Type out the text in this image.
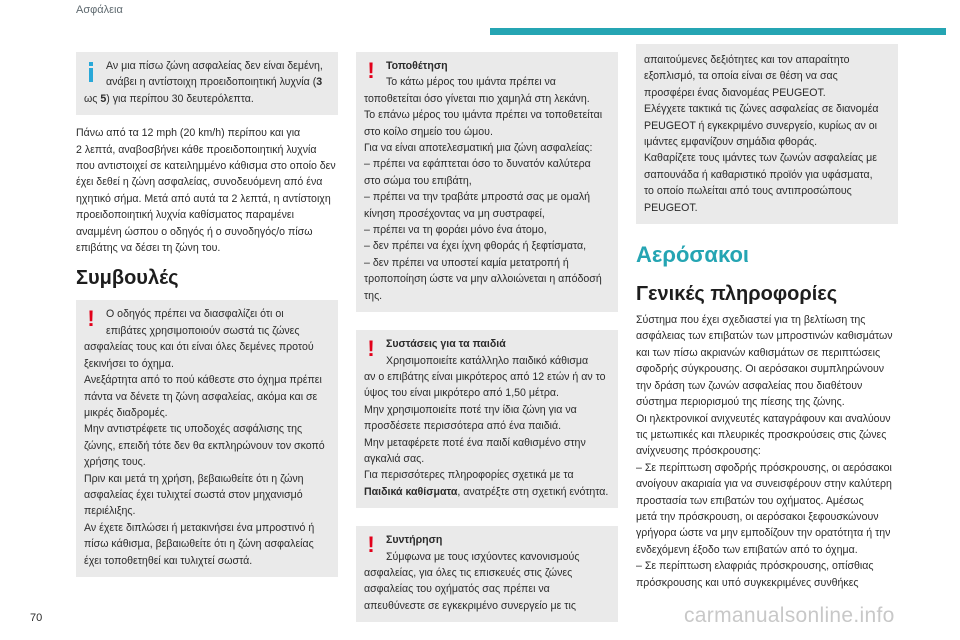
Ασφάλεια

Αν μια πίσω ζώνη ασφαλείας δεν είναι δεμένη,

ανάβει η αντίστοιχη προειδοποιητική λυχνία (3

ως 5) για περίπου 30 δευτερόλεπτα.

Πάνω από τα 12 mph (20 km/h) περίπου και για

2 λεπτά, αναβοσβήνει κάθε προειδοποιητική λυχνία

που αντιστοιχεί σε κατειλημμένο κάθισμα στο οποίο δεν

έχει δεθεί η ζώνη ασφαλείας, συνοδευόμενη από ένα

ηχητικό σήμα. Μετά από αυτά τα 2 λεπτά, η αντίστοιχη

προειδοποιητική λυχνία καθίσματος παραμένει

αναμμένη ώσπου ο οδηγός ή ο συνοδηγός/ο πίσω

επιβάτης να δέσει τη ζώνη του.

Συμβουλές
!	Ο οδηγός πρέπει να διασφαλίζει ότι οι

επιβάτες χρησιμοποιούν σωστά τις ζώνες

ασφαλείας τους και ότι είναι όλες δεμένες προτού

ξεκινήσει το όχημα.

Ανεξάρτητα από το πού κάθεστε στο όχημα πρέπει

πάντα να δένετε τη ζώνη ασφαλείας, ακόμα και σε

μικρές διαδρομές.

Μην αντιστρέφετε τις υποδοχές ασφάλισης της

ζώνης, επειδή τότε δεν θα εκπληρώνουν τον σκοπό

χρήσης τους.

Πριν και μετά τη χρήση, βεβαιωθείτε ότι η ζώνη

ασφαλείας έχει τυλιχτεί σωστά στον μηχανισμό

περιέλιξης.

Αν έχετε διπλώσει ή μετακινήσει ένα μπροστινό ή

πίσω κάθισμα, βεβαιωθείτε ότι η ζώνη ασφαλείας

έχει τοποθετηθεί και τυλιχτεί σωστά.

!	Τοποθέτηση

Το κάτω μέρος του ιμάντα πρέπει να

τοποθετείται όσο γίνεται πιο χαμηλά στη λεκάνη.

Το επάνω μέρος του ιμάντα πρέπει να τοποθετείται

στο κοίλο σημείο του ώμου.

Για να είναι αποτελεσματική μια ζώνη ασφαλείας:

– πρέπει να εφάπτεται όσο το δυνατόν καλύτερα

στο σώμα του επιβάτη,

– πρέπει να την τραβάτε μπροστά σας με ομαλή

κίνηση προσέχοντας να μη συστραφεί,

– πρέπει να τη φοράει μόνο ένα άτομο,

– δεν πρέπει να έχει ίχνη φθοράς ή ξεφτίσματα,

– δεν πρέπει να υποστεί καμία μετατροπή ή

τροποποίηση ώστε να μην αλλοιώνεται η απόδοσή

της.

!	Συστάσεις για τα παιδιά

Χρησιμοποιείτε κατάλληλο παιδικό κάθισμα

αν ο επιβάτης είναι μικρότερος από 12 ετών ή αν το

ύψος του είναι μικρότερο από 1,50 μέτρα.

Μην χρησιμοποιείτε ποτέ την ίδια ζώνη για να

προσδέσετε περισσότερα από ένα παιδιά.

Μην μεταφέρετε ποτέ ένα παιδί καθισμένο στην

αγκαλιά σας.

Για περισσότερες πληροφορίες σχετικά με τα

Παιδικά καθίσματα, ανατρέξτε στη σχετική ενότητα.

!	Συντήρηση

Σύμφωνα με τους ισχύοντες κανονισμούς

ασφαλείας, για όλες τις επισκευές στις ζώνες

ασφαλείας του οχήματός σας πρέπει να

απευθύνεστε σε εγκεκριμένο συνεργείο με τις

απαιτούμενες δεξιότητες και τον απαραίτητο

εξοπλισμό, τα οποία είναι σε θέση να σας

προσφέρει ένας διανομέας PEUGEOT.

Ελέγχετε τακτικά τις ζώνες ασφαλείας σε διανομέα

PEUGEOT ή εγκεκριμένο συνεργείο, κυρίως αν οι

ιμάντες εμφανίζουν σημάδια φθοράς.

Καθαρίζετε τους ιμάντες των ζωνών ασφαλείας με

σαπουνάδα ή καθαριστικό προϊόν για υφάσματα,

το οποίο πωλείται από τους αντιπροσώπους

PEUGEOT.

Αερόσακοι
Γενικές πληροφορίες

Σύστημα που έχει σχεδιαστεί για τη βελτίωση της

ασφάλειας των επιβατών των μπροστινών καθισμάτων

και των πίσω ακριανών καθισμάτων σε περιπτώσεις

σφοδρής σύγκρουσης. Οι αερόσακοι συμπληρώνουν

την δράση των ζωνών ασφαλείας που διαθέτουν

σύστημα περιορισμού της πίεσης της ζώνης.

Οι ηλεκτρονικοί ανιχνευτές καταγράφουν και αναλύουν

τις μετωπικές και πλευρικές προσκρούσεις στις ζώνες

ανίχνευσης πρόσκρουσης:

– Σε περίπτωση σφοδρής πρόσκρουσης, οι αερόσακοι

ανοίγουν ακαριαία για να συνεισφέρουν στην καλύτερη

προστασία των επιβατών του οχήματος. Αμέσως

μετά την πρόσκρουση, οι αερόσακοι ξεφουσκώνουν

γρήγορα ώστε να μην εμποδίζουν την ορατότητα ή την

ενδεχόμενη έξοδο των επιβατών από το όχημα.

– Σε περίπτωση ελαφριάς πρόσκρουσης, οπίσθιας

πρόσκρουσης και υπό συγκεκριμένες συνθήκες

70	carmanualsonline.info
